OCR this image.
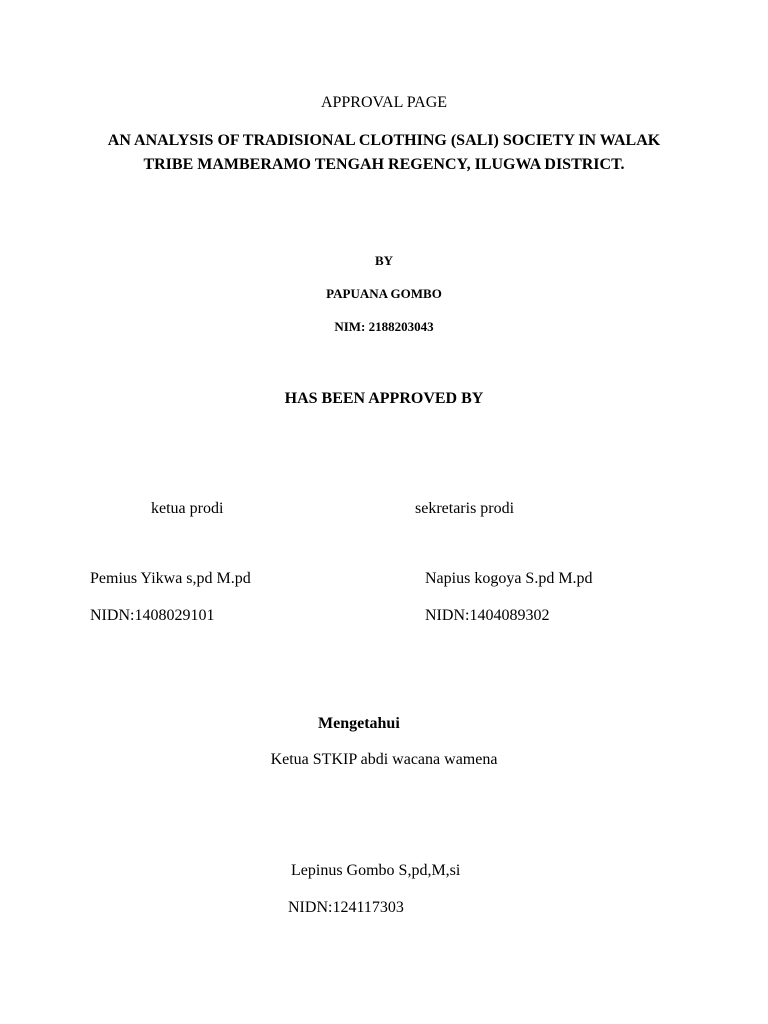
APPROVAL PAGE
AN ANALYSIS OF TRADISIONAL CLOTHING (SALI) SOCIETY IN WALAK TRIBE MAMBERAMO TENGAH REGENCY, ILUGWA DISTRICT.
BY
PAPUANA GOMBO
NIM: 2188203043
HAS BEEN APPROVED BY
ketua prodi	sekretaris prodi
Pemius Yikwa s,pd M.pd	Napius kogoya S.pd M.pd
NIDN:1408029101	NIDN:1404089302
Mengetahui
Ketua STKIP abdi wacana wamena
Lepinus Gombo S,pd,M,si
NIDN:124117303
